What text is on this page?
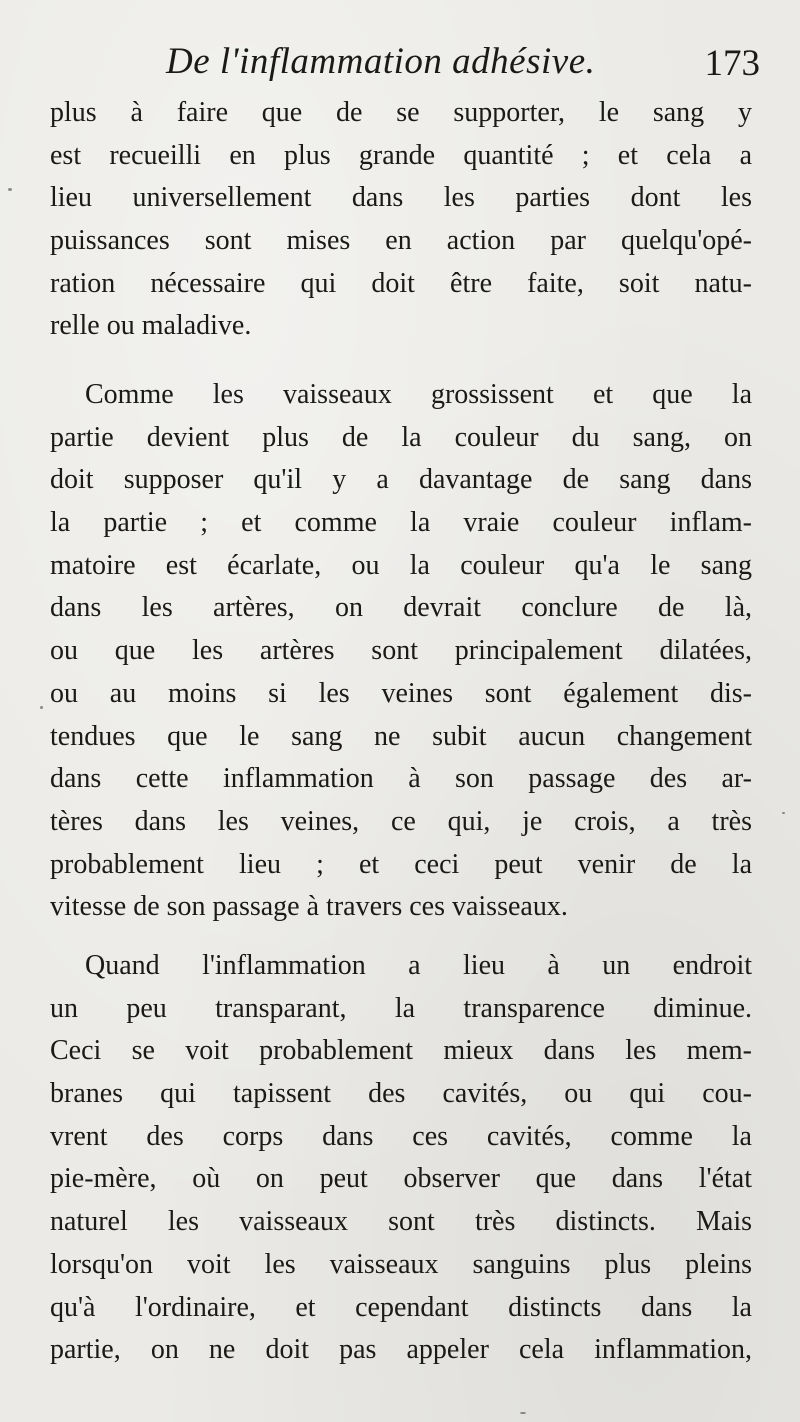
De l'inflammation adhésive.	173
plus à faire que de se supporter, le sang y
est recueilli en plus grande quantité ; et cela a
lieu universellement dans les parties dont les
puissances sont mises en action par quelqu'opé-
ration nécessaire qui doit être faite, soit natu-
relle ou maladive.
Comme les vaisseaux grossissent et que la
partie devient plus de la couleur du sang, on
doit supposer qu'il y a davantage de sang dans
la partie ; et comme la vraie couleur inflam-
matoire est écarlate, ou la couleur qu'a le sang
dans les artères, on devrait conclure de là,
ou que les artères sont principalement dilatées,
ou au moins si les veines sont également dis-
tendues que le sang ne subit aucun changement
dans cette inflammation à son passage des ar-
tères dans les veines, ce qui, je crois, a très
probablement lieu ; et ceci peut venir de la
vitesse de son passage à travers ces vaisseaux.
Quand l'inflammation a lieu à un endroit
un peu transparant, la transparence diminue.
Ceci se voit probablement mieux dans les mem-
branes qui tapissent des cavités, ou qui cou-
vrent des corps dans ces cavités, comme la
pie-mère, où on peut observer que dans l'état
naturel les vaisseaux sont très distincts. Mais
lorsqu'on voit les vaisseaux sanguins plus pleins
qu'à l'ordinaire, et cependant distincts dans la
partie, on ne doit pas appeler cela inflammation,
